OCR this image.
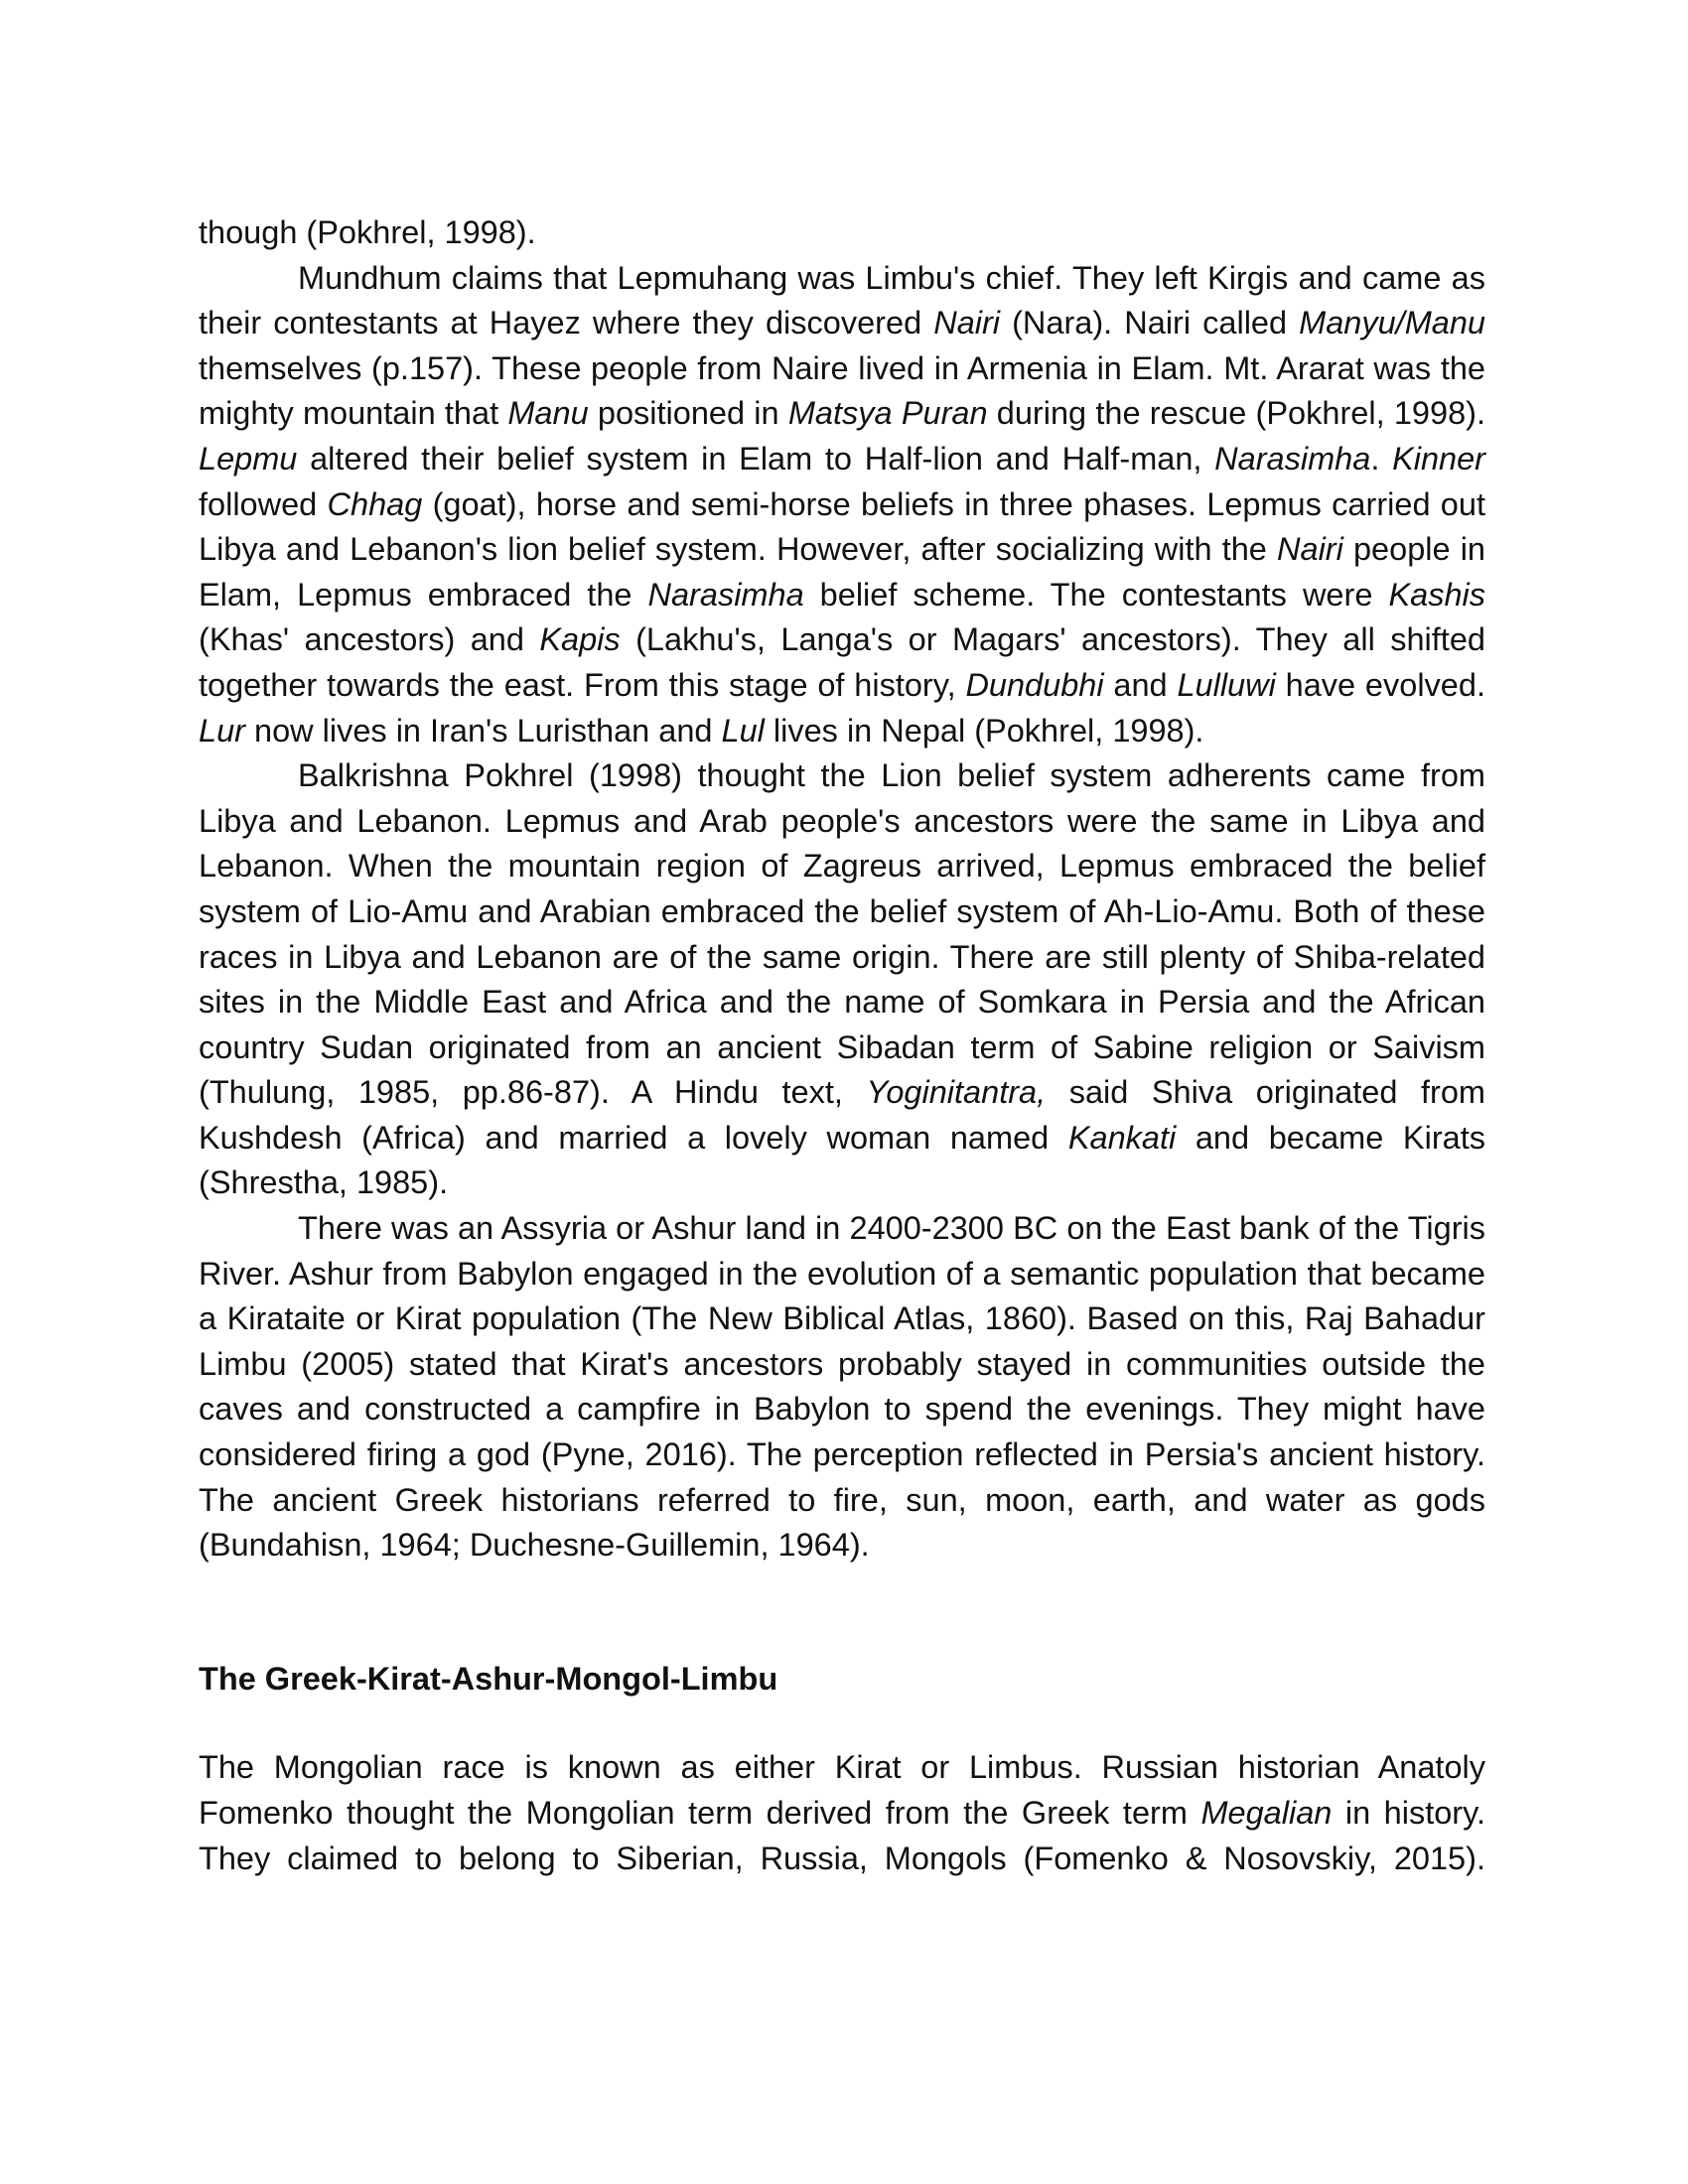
though (Pokhrel, 1998).

Mundhum claims that Lepmuhang was Limbu's chief. They left Kirgis and came as their contestants at Hayez where they discovered Nairi (Nara). Nairi called Manyu/Manu themselves (p.157). These people from Naire lived in Armenia in Elam. Mt. Ararat was the mighty mountain that Manu positioned in Matsya Puran during the rescue (Pokhrel, 1998). Lepmu altered their belief system in Elam to Half-lion and Half-man, Narasimha. Kinner followed Chhag (goat), horse and semi-horse beliefs in three phases. Lepmus carried out Libya and Lebanon's lion belief system. However, after socializing with the Nairi people in Elam, Lepmus embraced the Narasimha belief scheme. The contestants were Kashis (Khas' ancestors) and Kapis (Lakhu's, Langa's or Magars' ancestors). They all shifted together towards the east. From this stage of history, Dundubhi and Lulluwi have evolved. Lur now lives in Iran's Luristhan and Lul lives in Nepal (Pokhrel, 1998).

Balkrishna Pokhrel (1998) thought the Lion belief system adherents came from Libya and Lebanon. Lepmus and Arab people's ancestors were the same in Libya and Lebanon. When the mountain region of Zagreus arrived, Lepmus embraced the belief system of Lio-Amu and Arabian embraced the belief system of Ah-Lio-Amu. Both of these races in Libya and Lebanon are of the same origin. There are still plenty of Shiba-related sites in the Middle East and Africa and the name of Somkara in Persia and the African country Sudan originated from an ancient Sibadan term of Sabine religion or Saivism (Thulung, 1985, pp.86-87). A Hindu text, Yoginitantra, said Shiva originated from Kushdesh (Africa) and married a lovely woman named Kankati and became Kirats (Shrestha, 1985).

There was an Assyria or Ashur land in 2400-2300 BC on the East bank of the Tigris River. Ashur from Babylon engaged in the evolution of a semantic population that became a Kirataite or Kirat population (The New Biblical Atlas, 1860). Based on this, Raj Bahadur Limbu (2005) stated that Kirat's ancestors probably stayed in communities outside the caves and constructed a campfire in Babylon to spend the evenings. They might have considered firing a god (Pyne, 2016). The perception reflected in Persia's ancient history. The ancient Greek historians referred to fire, sun, moon, earth, and water as gods (Bundahisn, 1964; Duchesne-Guillemin, 1964).

The Greek-Kirat-Ashur-Mongol-Limbu

The Mongolian race is known as either Kirat or Limbus. Russian historian Anatoly Fomenko thought the Mongolian term derived from the Greek term Megalian in history. They claimed to belong to Siberian, Russia, Mongols (Fomenko & Nosovskiy, 2015).
